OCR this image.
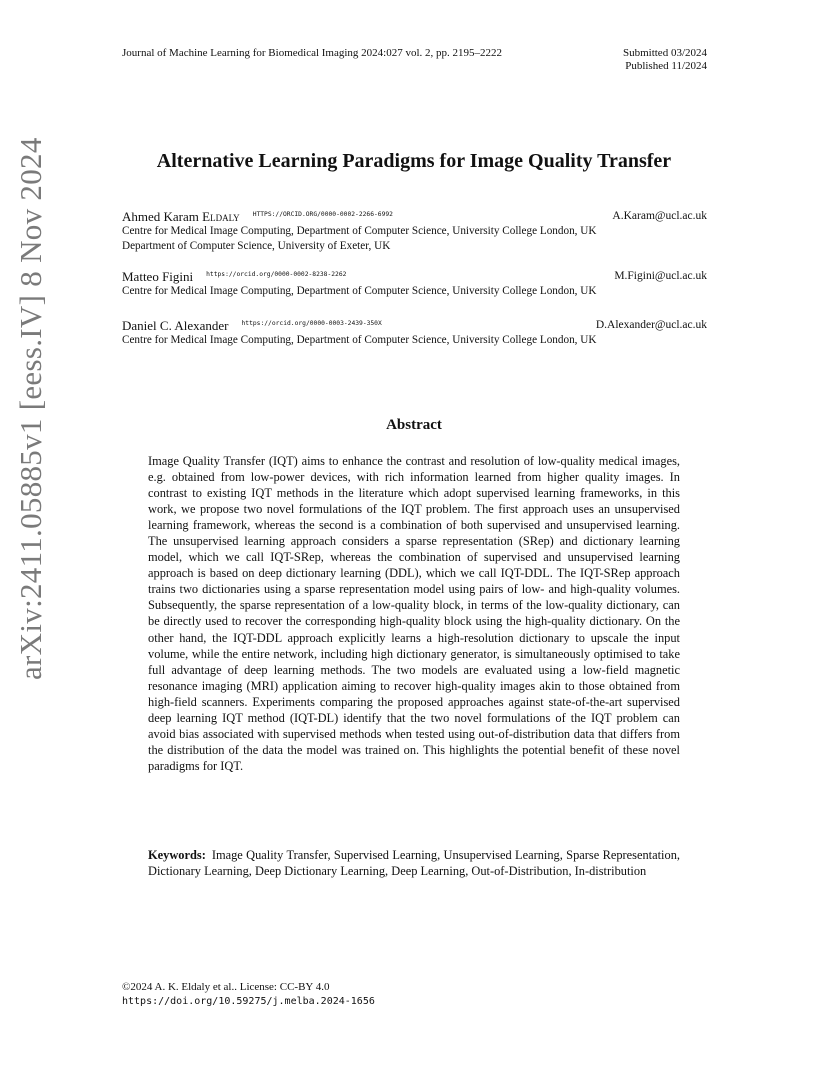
Journal of Machine Learning for Biomedical Imaging 2024:027 vol. 2, pp. 2195–2222	Submitted 03/2024
Published 11/2024
arXiv:2411.05885v1 [eess.IV] 8 Nov 2024	Alternative Learning Paradigms for Image Quality Transfer
Ahmed Karam Eldaly $^{HTTPS://ORCID.ORG/0000-0002-2266-6992}$	A.Karam@ucl.ac.uk
Centre for Medical Image Computing, Department of Computer Science, University College London, UK
Department of Computer Science, University of Exeter, UK
Matteo Figini $^{https://orcid.org/0000-0002-8238-2262}$	M.Figini@ucl.ac.uk
Centre for Medical Image Computing, Department of Computer Science, University College London, UK
Daniel C. Alexander $^{https://orcid.org/0000-0003-2439-350X}$	D.Alexander@ucl.ac.uk
Centre for Medical Image Computing, Department of Computer Science, University College London, UK
Abstract
Image Quality Transfer (IQT) aims to enhance the contrast and resolution of low-quality medical images, e.g. obtained from low-power devices, with rich information learned from higher quality images. In contrast to existing IQT methods in the literature which adopt supervised learning frameworks, in this work, we propose two novel formulations of the IQT problem. The first approach uses an unsupervised learning framework, whereas the second is a combination of both supervised and unsupervised learning. The unsupervised learning approach considers a sparse representation (SRep) and dictionary learning model, which we call IQT-SRep, whereas the combination of supervised and unsupervised learning approach is based on deep dictionary learning (DDL), which we call IQT-DDL. The IQT-SRep approach trains two dictionaries using a sparse representation model using pairs of low- and high-quality volumes. Subsequently, the sparse representation of a low-quality block, in terms of the low-quality dictionary, can be directly used to recover the corresponding high-quality block using the high-quality dictionary. On the other hand, the IQT-DDL approach explicitly learns a high-resolution dictionary to upscale the input volume, while the entire network, including high dictionary generator, is simultaneously optimised to take full advantage of deep learning methods. The two models are evaluated using a low-field magnetic resonance imaging (MRI) application aiming to recover high-quality images akin to those obtained from high-field scanners. Experiments comparing the proposed approaches against state-of-the-art supervised deep learning IQT method (IQT-DL) identify that the two novel formulations of the IQT problem can avoid bias associated with supervised methods when tested using out-of-distribution data that differs from the distribution of the data the model was trained on. This highlights the potential benefit of these novel paradigms for IQT.
Keywords: Image Quality Transfer, Supervised Learning, Unsupervised Learning, Sparse Representation, Dictionary Learning, Deep Dictionary Learning, Deep Learning, Out-of-Distribution, In-distribution
©2024 A. K. Eldaly et al.. License: CC-BY 4.0
https://doi.org/10.59275/j.melba.2024-1656
